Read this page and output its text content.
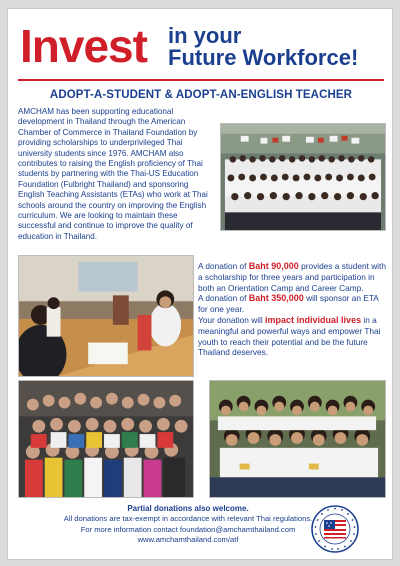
Invest in your
Future Workforce!
ADOPT-A-STUDENT & ADOPT-AN-ENGLISH TEACHER

AMCHAM has been supporting educational development in Thailand through the American Chamber of Commerce in Thailand Foundation by providing scholarships to underprivileged Thai university students since 1976. AMCHAM also contributes to raising the English proficiency of Thai students by partnering with the Thai-US Education Foundation (Fulbright Thailand) and sponsoring English Teaching Assistants (ETAs) who work at Thai schools around the country on improving the English curriculum. We are looking to maintain these successful and continue to improve the quality of education in Thailand.

A donation of Baht 90,000 provides a student with a scholarship for three years and participation in both an Orientation Camp and Career Camp.

A donation of Baht 350,000 will sponsor an ETA for one year.

Your donation will impact individual lives in a meaningful and powerful ways and empower Thai youth to reach their potential and be the future Thailand deserves.

Partial donations also welcome.
All donations are tax-exempt in accordance with relevant Thai regulations.
For more information contact foundation@amchamthailand.com
www.amchamthailand.com/atf
